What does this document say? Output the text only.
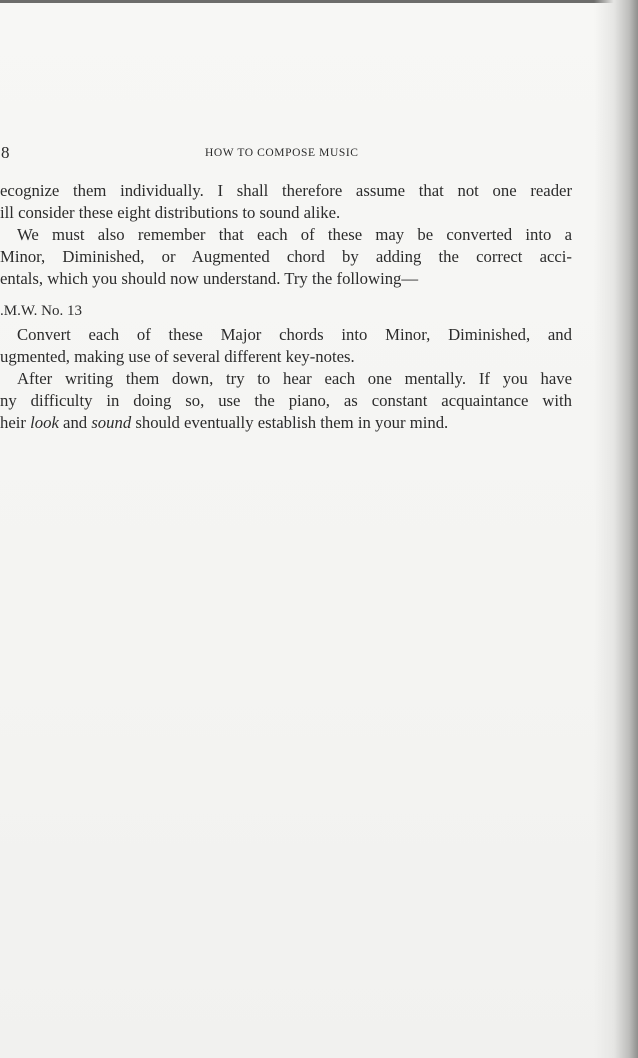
8	HOW TO COMPOSE MUSIC
ecognize them individually. I shall therefore assume that not one reader
ill consider these eight distributions to sound alike.
We must also remember that each of these may be converted into a
Minor, Diminished, or Augmented chord by adding the correct acci-
entals, which you should now understand. Try the following—
.M.W. No. 13
Convert each of these Major chords into Minor, Diminished, and
ugmented, making use of several different key-notes.
After writing them down, try to hear each one mentally. If you have
ny difficulty in doing so, use the piano, as constant acquaintance with
heir look and sound should eventually establish them in your mind.
